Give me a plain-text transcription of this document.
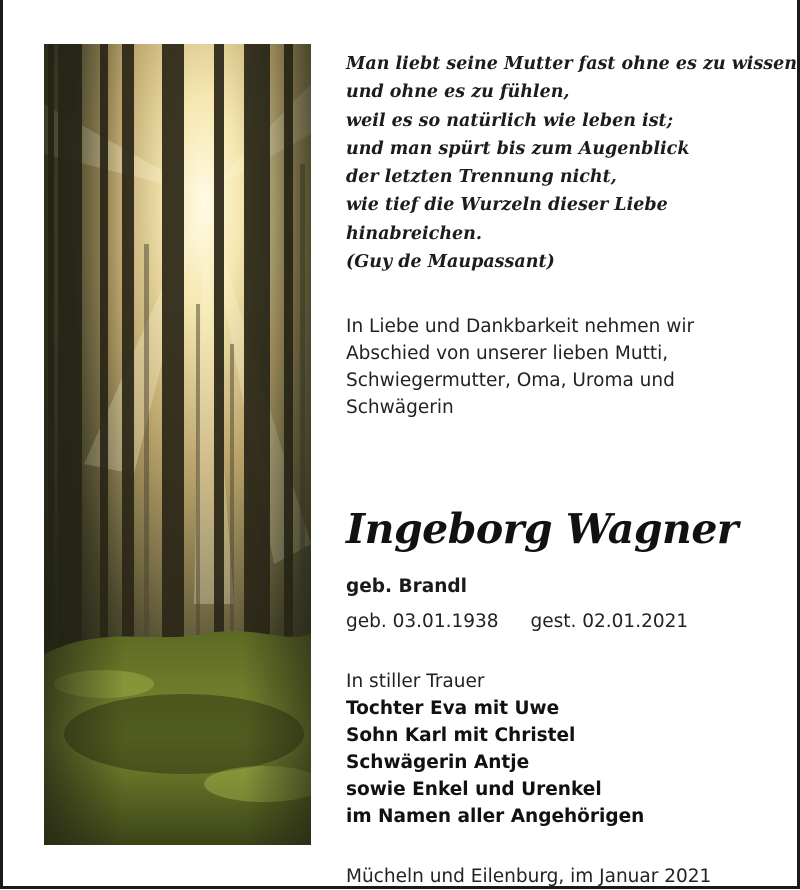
Man liebt seine Mutter fast ohne es zu wissen
und ohne es zu fühlen,
weil es so natürlich wie leben ist;
und man spürt bis zum Augenblick
der letzten Trennung nicht,
wie tief die Wurzeln dieser Liebe
hinabreichen.
(Guy de Maupassant)
In Liebe und Dankbarkeit nehmen wir
Abschied von unserer lieben Mutti,
Schwiegermutter, Oma, Uroma und
Schwägerin
Ingeborg Wagner
geb. Brandl
geb. 03.01.1938 gest. 02.01.2021
In stiller Trauer
Tochter Eva mit Uwe
Sohn Karl mit Christel
Schwägerin Antje
sowie Enkel und Urenkel
im Namen aller Angehörigen
Mücheln und Eilenburg, im Januar 2021
